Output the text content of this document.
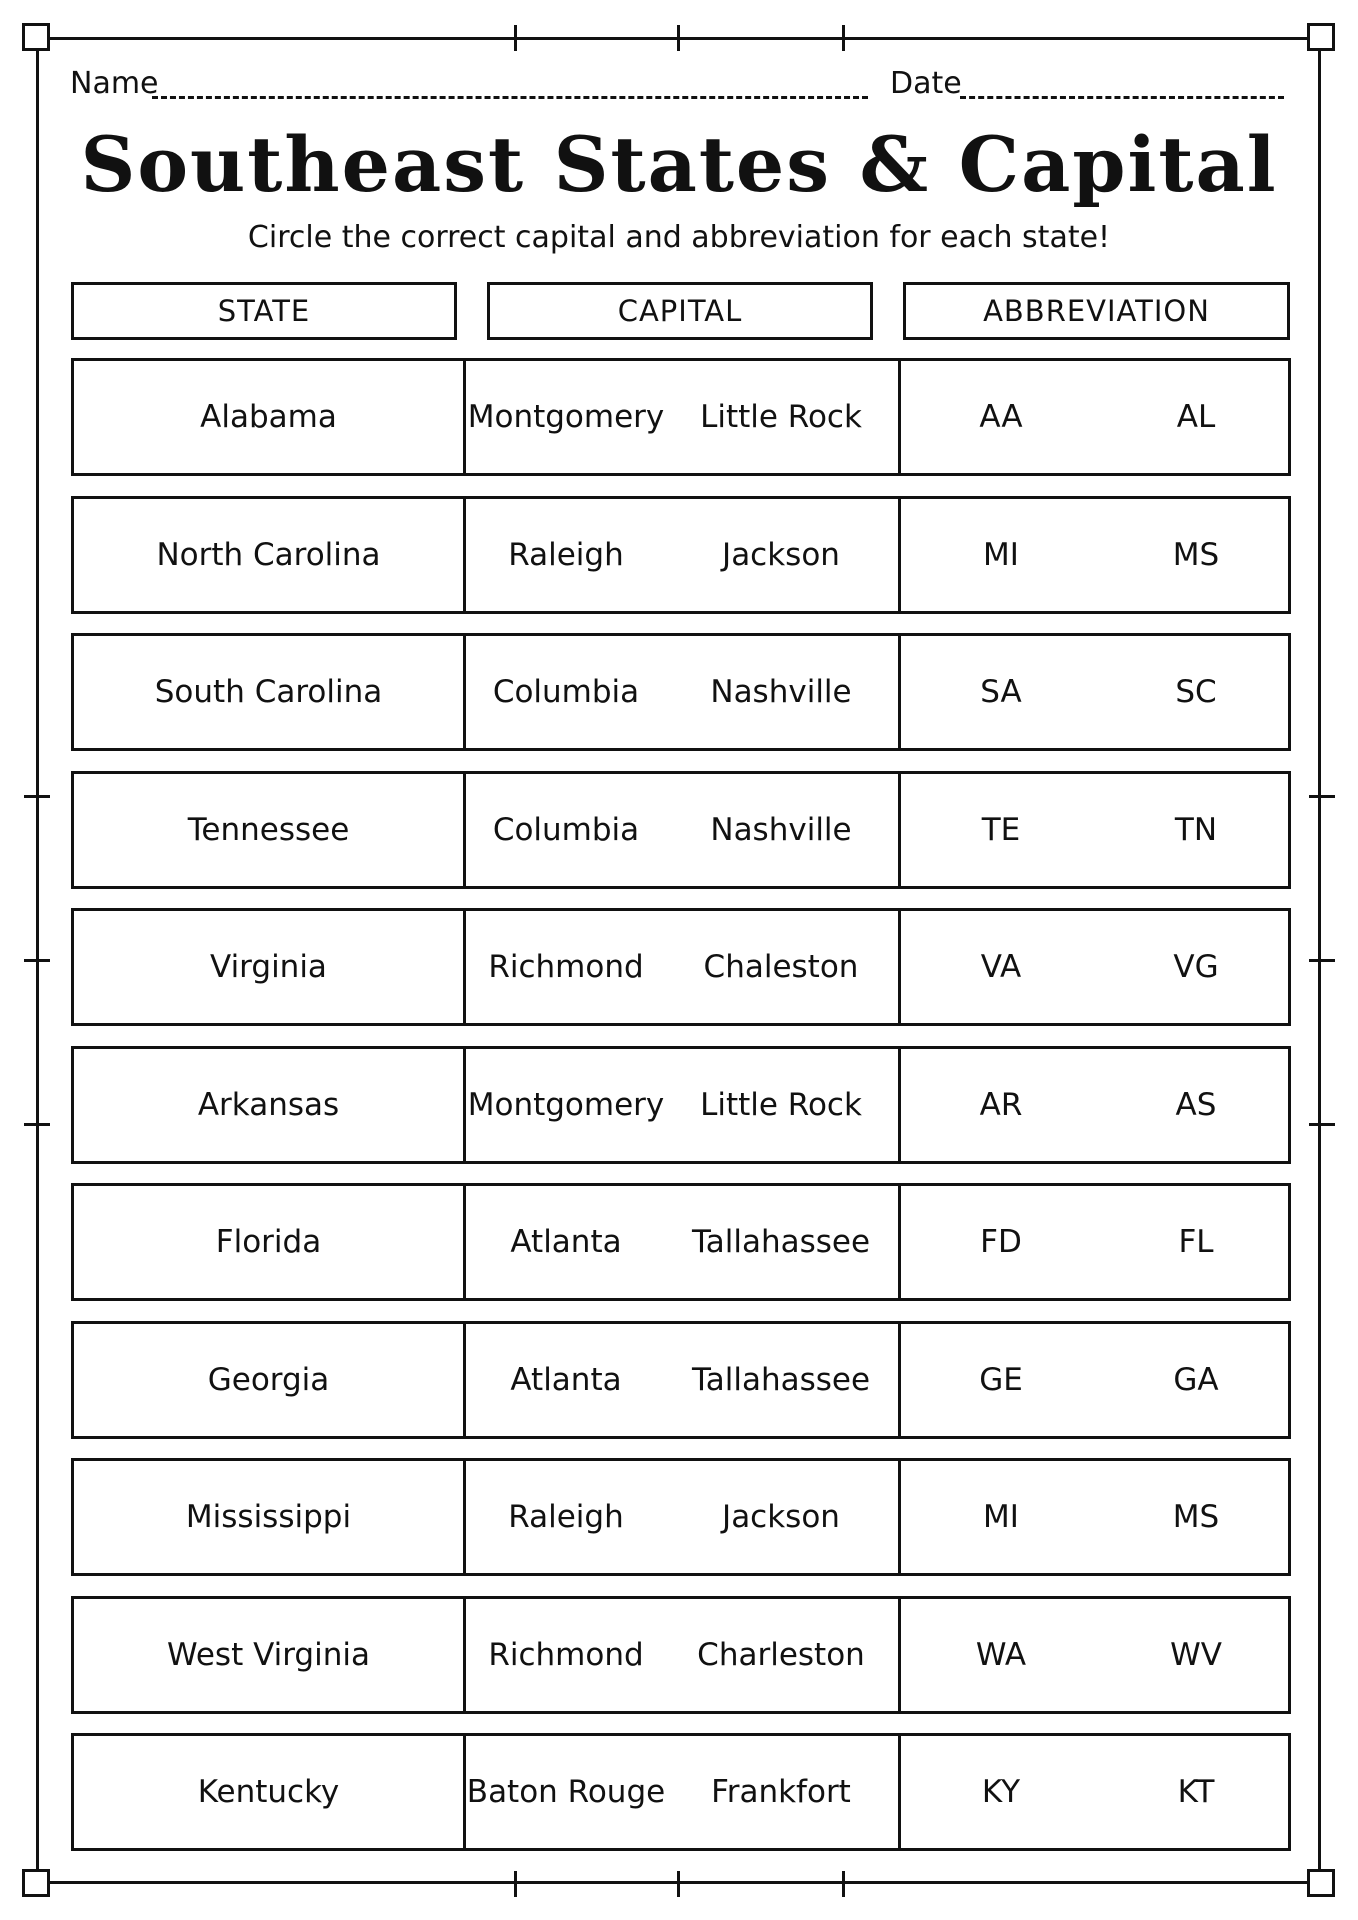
Name	Date
Southeast States & Capital
Circle the correct capital and abbreviation for each state!
STATE	CAPITAL	ABBREVIATION
Alabama	Montgomery	Little Rock	AA	AL
North Carolina	Raleigh	Jackson	MI	MS
South Carolina	Columbia	Nashville	SA	SC
Tennessee	Columbia	Nashville	TE	TN
Virginia	Richmond	Chaleston	VA	VG
Arkansas	Montgomery	Little Rock	AR	AS
Florida	Atlanta	Tallahassee	FD	FL
Georgia	Atlanta	Tallahassee	GE	GA
Mississippi	Raleigh	Jackson	MI	MS
West Virginia	Richmond	Charleston	WA	WV
Kentucky	Baton Rouge	Frankfort	KY	KT
